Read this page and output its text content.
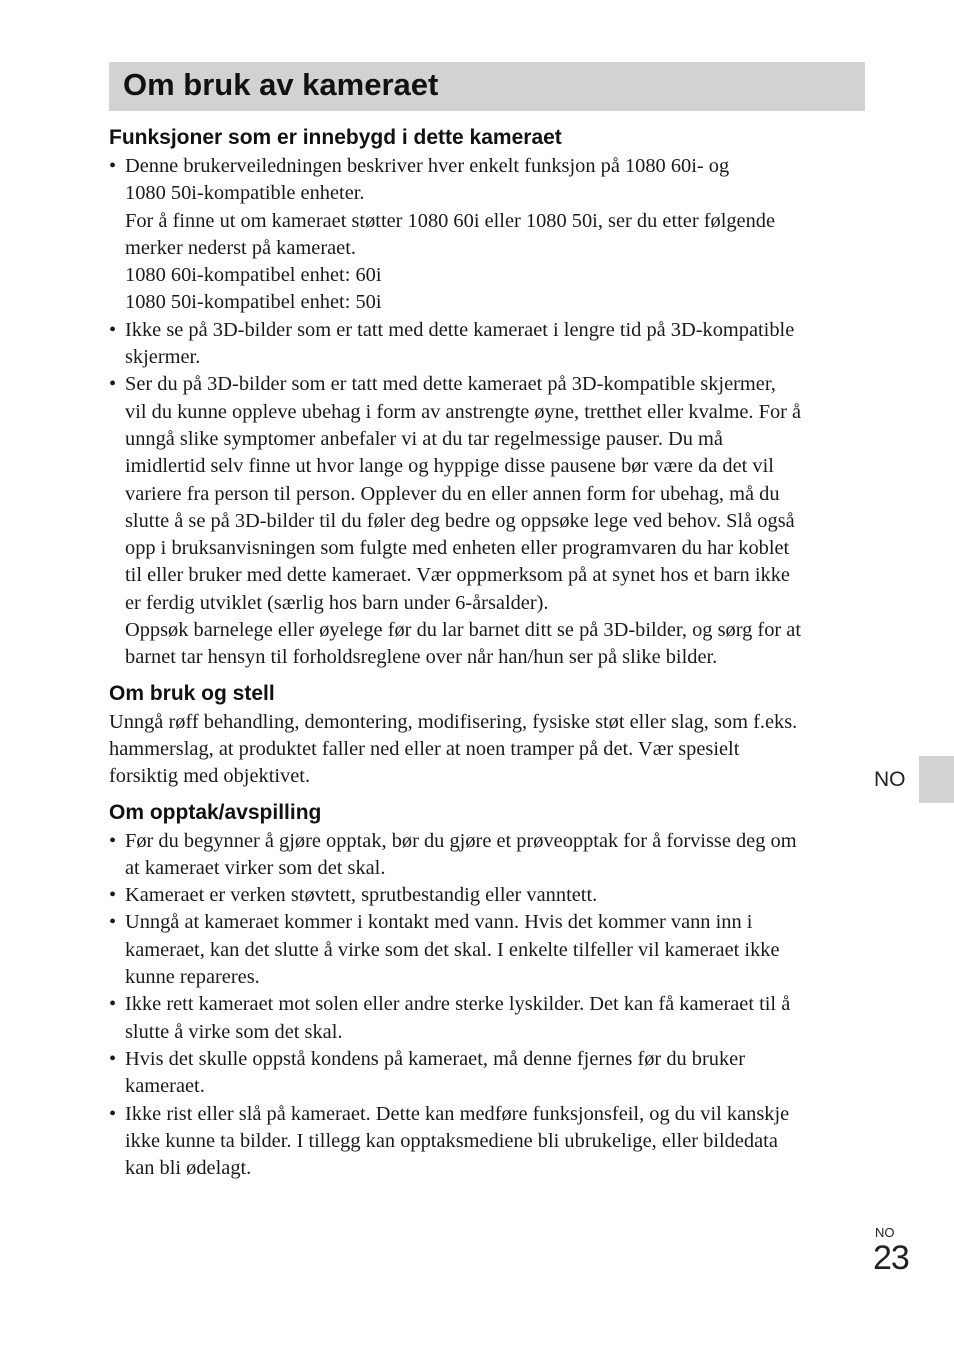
Om bruk av kameraet
Funksjoner som er innebygd i dette kameraet
• Denne brukerveiledningen beskriver hver enkelt funksjon på 1080 60i- og
1080 50i-kompatible enheter.
For å finne ut om kameraet støtter 1080 60i eller 1080 50i, ser du etter følgende
merker nederst på kameraet.
1080 60i-kompatibel enhet: 60i
1080 50i-kompatibel enhet: 50i
• Ikke se på 3D-bilder som er tatt med dette kameraet i lengre tid på 3D-kompatible
skjermer.
• Ser du på 3D-bilder som er tatt med dette kameraet på 3D-kompatible skjermer,
vil du kunne oppleve ubehag i form av anstrengte øyne, tretthet eller kvalme. For å
unngå slike symptomer anbefaler vi at du tar regelmessige pauser. Du må
imidlertid selv finne ut hvor lange og hyppige disse pausene bør være da det vil
variere fra person til person. Opplever du en eller annen form for ubehag, må du
slutte å se på 3D-bilder til du føler deg bedre og oppsøke lege ved behov. Slå også
opp i bruksanvisningen som fulgte med enheten eller programvaren du har koblet
til eller bruker med dette kameraet. Vær oppmerksom på at synet hos et barn ikke
er ferdig utviklet (særlig hos barn under 6-årsalder).
Oppsøk barnelege eller øyelege før du lar barnet ditt se på 3D-bilder, og sørg for at
barnet tar hensyn til forholdsreglene over når han/hun ser på slike bilder.
Om bruk og stell

Unngå røff behandling, demontering, modifisering, fysiske støt eller slag, som f.eks.
hammerslag, at produktet faller ned eller at noen tramper på det. Vær spesielt
forsiktig med objektivet.

Om opptak/avspilling
• Før du begynner å gjøre opptak, bør du gjøre et prøveopptak for å forvisse deg om
at kameraet virker som det skal.
• Kameraet er verken støvtett, sprutbestandig eller vanntett.
• Unngå at kameraet kommer i kontakt med vann. Hvis det kommer vann inn i
kameraet, kan det slutte å virke som det skal. I enkelte tilfeller vil kameraet ikke
kunne repareres.
• Ikke rett kameraet mot solen eller andre sterke lyskilder. Det kan få kameraet til å
slutte å virke som det skal.
• Hvis det skulle oppstå kondens på kameraet, må denne fjernes før du bruker
kameraet.
• Ikke rist eller slå på kameraet. Dette kan medføre funksjonsfeil, og du vil kanskje
ikke kunne ta bilder. I tillegg kan opptaksmediene bli ubrukelige, eller bildedata
kan bli ødelagt.
NO
NO
23
